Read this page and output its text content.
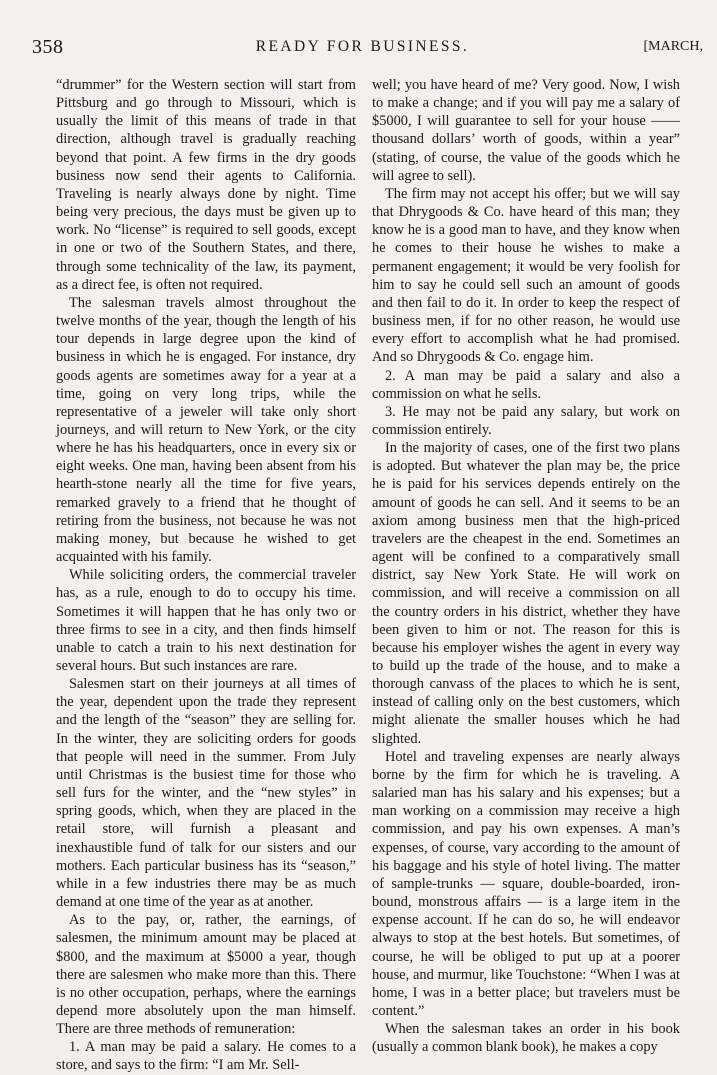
358	READY FOR BUSINESS.	[MARCH,

“drummer” for the Western section will start from Pittsburg and go through to Missouri, which is usually the limit of this means of trade in that direction, although travel is gradually reaching beyond that point. A few firms in the dry goods business now send their agents to California. Traveling is nearly always done by night. Time being very precious, the days must be given up to work. No “license” is required to sell goods, except in one or two of the Southern States, and there, through some technicality of the law, its payment, as a direct fee, is often not required.

The salesman travels almost throughout the twelve months of the year, though the length of his tour depends in large degree upon the kind of business in which he is engaged. For instance, dry goods agents are sometimes away for a year at a time, going on very long trips, while the representative of a jeweler will take only short journeys, and will return to New York, or the city where he has his headquarters, once in every six or eight weeks. One man, having been absent from his hearth-stone nearly all the time for five years, remarked gravely to a friend that he thought of retiring from the business, not because he was not making money, but because he wished to get acquainted with his family.

While soliciting orders, the commercial traveler has, as a rule, enough to do to occupy his time. Sometimes it will happen that he has only two or three firms to see in a city, and then finds himself unable to catch a train to his next destination for several hours. But such instances are rare.

Salesmen start on their journeys at all times of the year, dependent upon the trade they represent and the length of the “season” they are selling for. In the winter, they are soliciting orders for goods that people will need in the summer. From July until Christmas is the busiest time for those who sell furs for the winter, and the “new styles” in spring goods, which, when they are placed in the retail store, will furnish a pleasant and inexhaustible fund of talk for our sisters and our mothers. Each particular business has its “season,” while in a few industries there may be as much demand at one time of the year as at another.

As to the pay, or, rather, the earnings, of salesmen, the minimum amount may be placed at $800, and the maximum at $5000 a year, though there are salesmen who make more than this. There is no other occupation, perhaps, where the earnings depend more absolutely upon the man himself. There are three methods of remuneration:

1. A man may be paid a salary. He comes to a store, and says to the firm: “I am Mr. Sell-

well; you have heard of me? Very good. Now, I wish to make a change; and if you will pay me a salary of $5000, I will guarantee to sell for your house —— thousand dollars’ worth of goods, within a year” (stating, of course, the value of the goods which he will agree to sell).

The firm may not accept his offer; but we will say that Dhrygoods & Co. have heard of this man; they know he is a good man to have, and they know when he comes to their house he wishes to make a permanent engagement; it would be very foolish for him to say he could sell such an amount of goods and then fail to do it. In order to keep the respect of business men, if for no other reason, he would use every effort to accomplish what he had promised. And so Dhrygoods & Co. engage him.

2. A man may be paid a salary and also a commission on what he sells.

3. He may not be paid any salary, but work on commission entirely.

In the majority of cases, one of the first two plans is adopted. But whatever the plan may be, the price he is paid for his services depends entirely on the amount of goods he can sell. And it seems to be an axiom among business men that the high-priced travelers are the cheapest in the end. Sometimes an agent will be confined to a comparatively small district, say New York State. He will work on commission, and will receive a commission on all the country orders in his district, whether they have been given to him or not. The reason for this is because his employer wishes the agent in every way to build up the trade of the house, and to make a thorough canvass of the places to which he is sent, instead of calling only on the best customers, which might alienate the smaller houses which he had slighted.

Hotel and traveling expenses are nearly always borne by the firm for which he is traveling. A salaried man has his salary and his expenses; but a man working on a commission may receive a high commission, and pay his own expenses. A man’s expenses, of course, vary according to the amount of his baggage and his style of hotel living. The matter of sample-trunks — square, double-boarded, iron-bound, monstrous affairs — is a large item in the expense account. If he can do so, he will endeavor always to stop at the best hotels. But sometimes, of course, he will be obliged to put up at a poorer house, and murmur, like Touchstone: “When I was at home, I was in a better place; but travelers must be content.”

When the salesman takes an order in his book (usually a common blank book), he makes a copy
